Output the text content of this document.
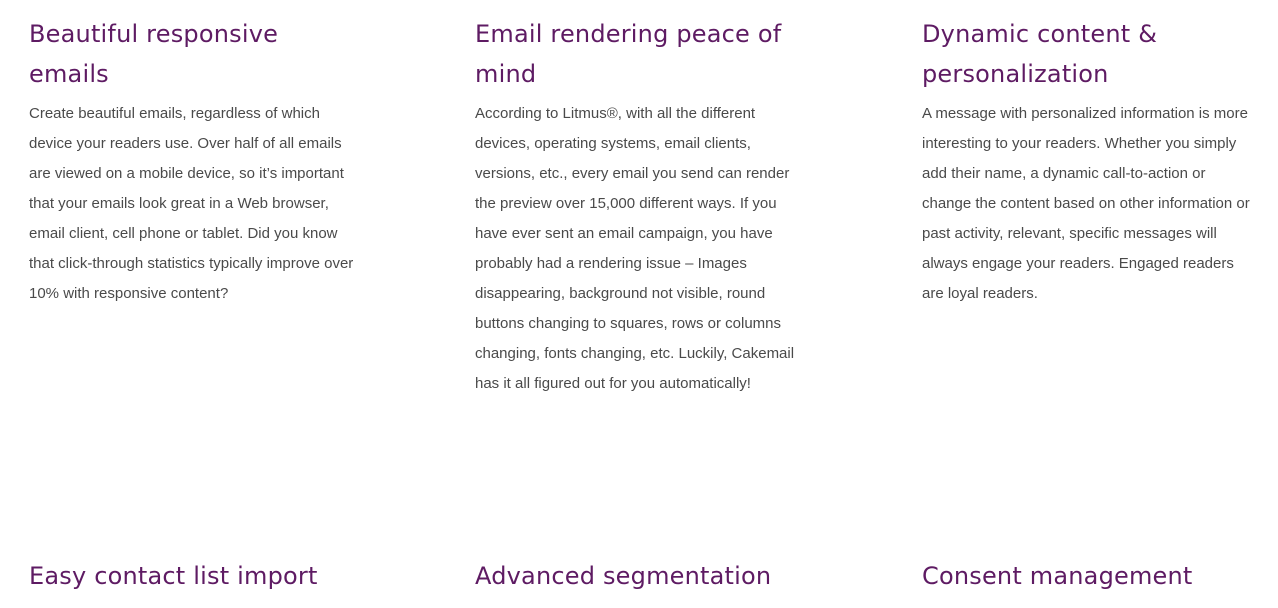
Beautiful responsive emails

Create beautiful emails, regardless of which device your readers use. Over half of all emails are viewed on a mobile device, so it’s important that your emails look great in a Web browser, email client, cell phone or tablet. Did you know that click-through statistics typically improve over 10% with responsive content?

Email rendering peace of mind

According to Litmus®, with all the different devices, operating systems, email clients, versions, etc., every email you send can render the preview over 15,000 different ways. If you have ever sent an email campaign, you have probably had a rendering issue – Images disappearing, background not visible, round buttons changing to squares, rows or columns changing, fonts changing, etc. Luckily, Cakemail has it all figured out for you automatically!

Dynamic content & personalization

A message with personalized information is more interesting to your readers. Whether you simply add their name, a dynamic call-to-action or change the content based on other information or past activity, relevant, specific messages will always engage your readers. Engaged readers are loyal readers.

Easy contact list import	Advanced segmentation	Consent management
